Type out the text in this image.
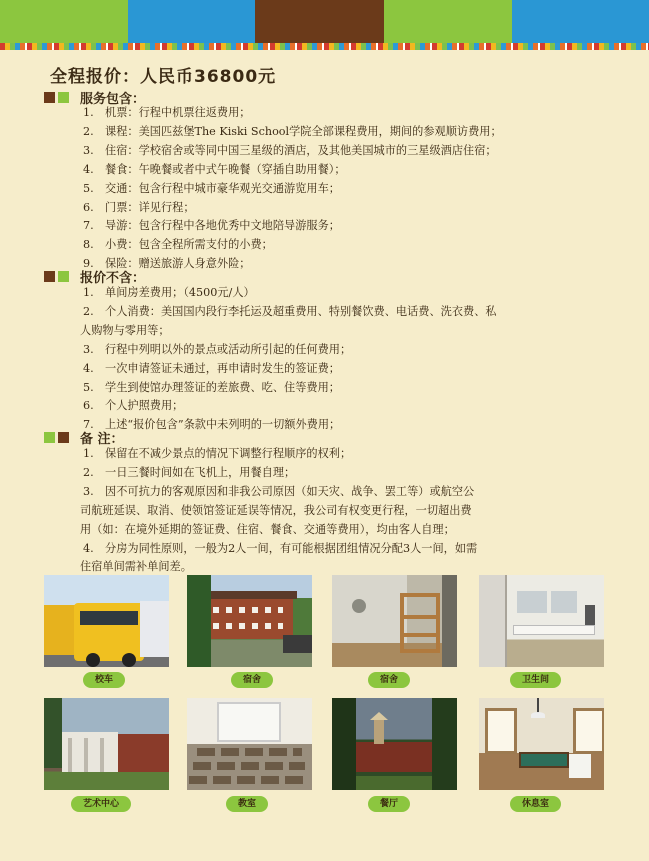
全程报价：人民币36800元
服务包含：
1. 机票：行程中机票往返费用；
2. 课程：美国匹兹堡The Kiski School学院全部课程费用，期间的参观顺访费用；
3. 住宿：学校宿舍或等同中国三星级的酒店，及其他美国城市的三星级酒店住宿；
4. 餐食：午晚餐或者中式午晚餐（穿插自助用餐）；
5. 交通：包含行程中城市豪华观光交通游览用车；
6. 门票：详见行程；
7. 导游：包含行程中各地优秀中文地陪导游服务；
8. 小费：包含全程所需支付的小费；
9. 保险：赠送旅游人身意外险；
报价不含：
1. 单间房差费用；（4500元/人）
2. 个人消费：美国国内段行李托运及超重费用、特别餐饮费、电话费、洗衣费、私
人购物与零用等；
3. 行程中列明以外的景点或活动所引起的任何费用；
4. 一次申请签证未通过，再申请时发生的签证费；
5. 学生到使馆办理签证的差旅费、吃、住等费用；
6. 个人护照费用；
7. 上述“报价包含”条款中未列明的一切额外费用；
备 注：
1. 保留在不减少景点的情况下调整行程顺序的权利；
2. 一日三餐时间如在飞机上，用餐自理；
3. 因不可抗力的客观原因和非我公司原因（如天灾、战争、罢工等）或航空公
司航班延误、取消、使领馆签证延误等情况，我公司有权变更行程，一切超出费
用（如：在境外延期的签证费、住宿、餐食、交通等费用），均由客人自理；
4. 分房为同性原则，一般为2人一间，有可能根据团组情况分配3人一间，如需
住宿单间需补单间差。
校车	宿舍	宿舍	卫生间
艺术中心	教室	餐厅	休息室
